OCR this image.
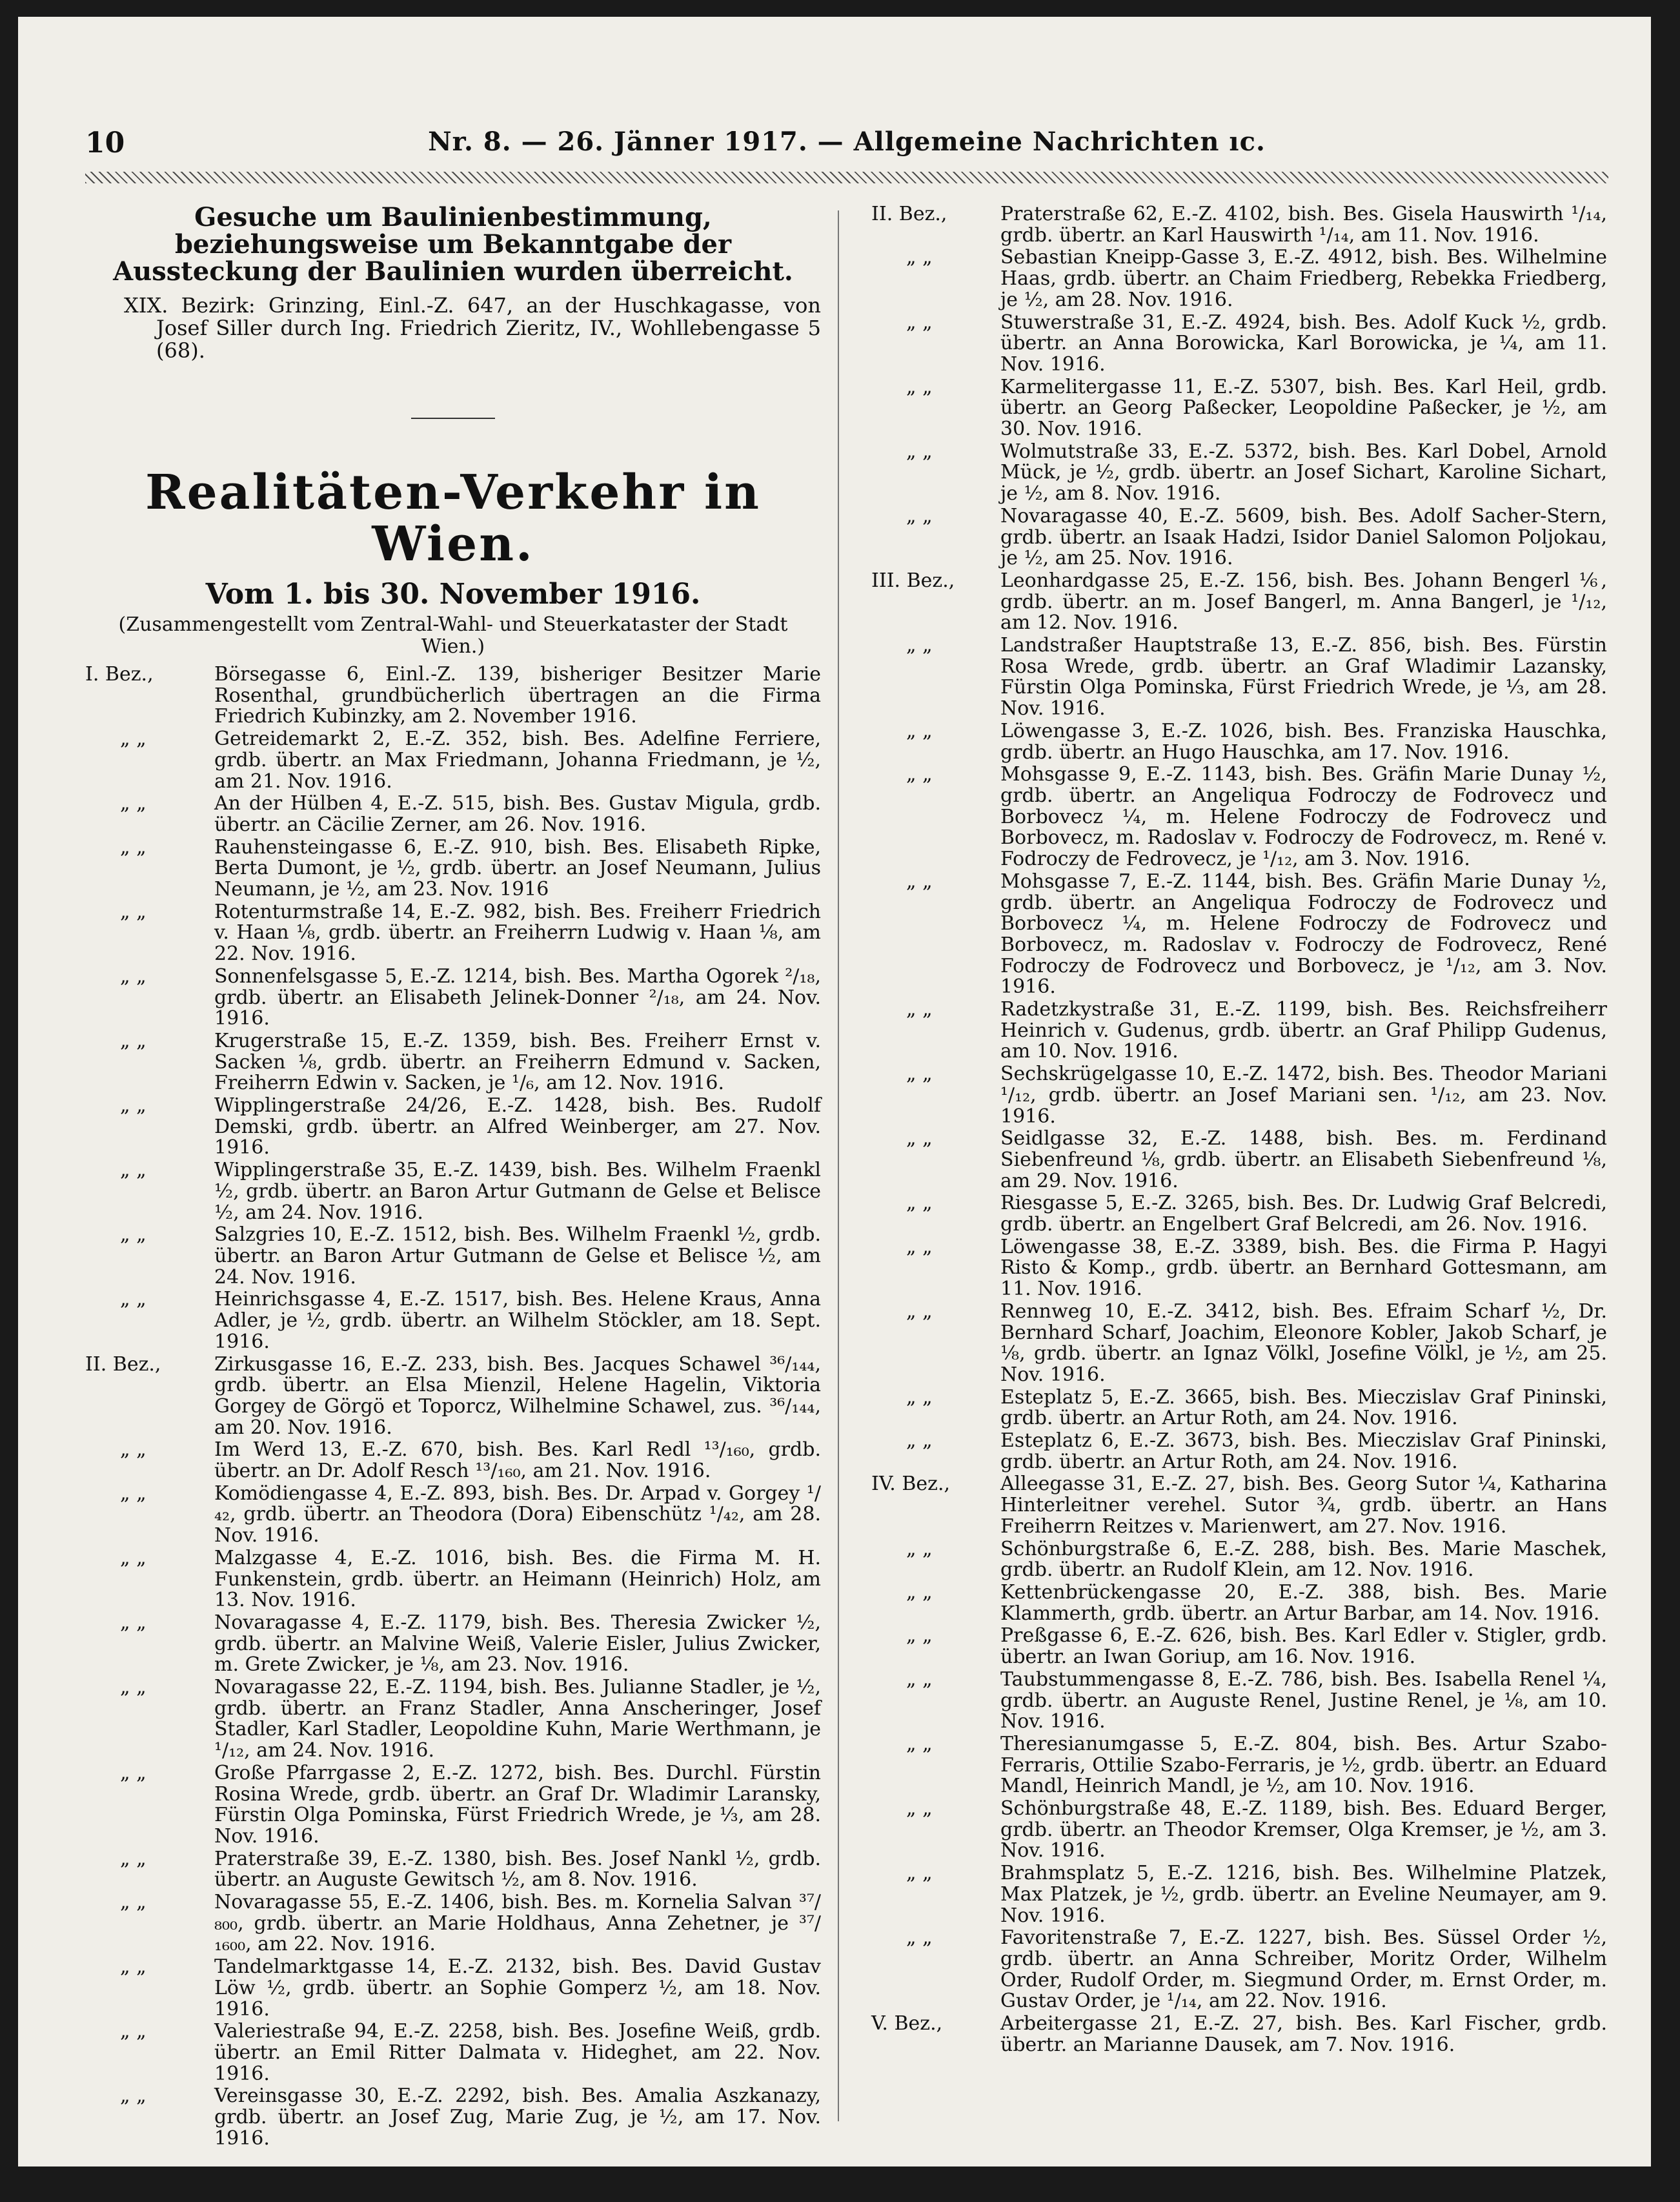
10	Nr. 8. — 26. Jänner 1917. — Allgemeine Nachrichten ıc.
Gesuche um Baulinienbestimmung, beziehungsweise um Bekanntgabe der Aussteckung der Baulinien wurden überreicht.
XIX. Bezirk: Grinzing, Einl.-Z. 647, an der Huschkagasse, von Josef Siller durch Ing. Friedrich Zieritz, IV., Wohllebengasse 5 (68).
Realitäten-Verkehr in Wien.
Vom 1. bis 30. November 1916.
(Zusammengestellt vom Zentral-Wahl- und Steuerkataster der Stadt Wien.)
I. Bez.,	Börsegasse 6, Einl.-Z. 139, bisheriger Besitzer Marie Rosenthal, grundbücherlich übertragen an die Firma Friedrich Kubinzky, am 2. November 1916.
„ „	Getreidemarkt 2, E.-Z. 352, bish. Bes. Adelfine Ferriere, grdb. übertr. an Max Friedmann, Johanna Friedmann, je ½, am 21. Nov. 1916.
„ „	An der Hülben 4, E.-Z. 515, bish. Bes. Gustav Migula, grdb. übertr. an Cäcilie Zerner, am 26. Nov. 1916.
„ „	Rauhensteingasse 6, E.-Z. 910, bish. Bes. Elisabeth Ripke, Berta Dumont, je ½, grdb. übertr. an Josef Neumann, Julius Neumann, je ½, am 23. Nov. 1916
„ „	Rotenturmstraße 14, E.-Z. 982, bish. Bes. Freiherr Friedrich v. Haan ⅛, grdb. übertr. an Freiherrn Ludwig v. Haan ⅛, am 22. Nov. 1916.
„ „	Sonnenfelsgasse 5, E.-Z. 1214, bish. Bes. Martha Ogorek ²/₁₈, grdb. übertr. an Elisabeth Jelinek-Donner ²/₁₈, am 24. Nov. 1916.
„ „	Krugerstraße 15, E.-Z. 1359, bish. Bes. Freiherr Ernst v. Sacken ⅛, grdb. übertr. an Freiherrn Edmund v. Sacken, Freiherrn Edwin v. Sacken, je ¹/₆, am 12. Nov. 1916.
„ „	Wipplingerstraße 24/26, E.-Z. 1428, bish. Bes. Rudolf Demski, grdb. übertr. an Alfred Weinberger, am 27. Nov. 1916.
„ „	Wipplingerstraße 35, E.-Z. 1439, bish. Bes. Wilhelm Fraenkl ½, grdb. übertr. an Baron Artur Gutmann de Gelse et Belisce ½, am 24. Nov. 1916.
„ „	Salzgries 10, E.-Z. 1512, bish. Bes. Wilhelm Fraenkl ½, grdb. übertr. an Baron Artur Gutmann de Gelse et Belisce ½, am 24. Nov. 1916.
„ „	Heinrichsgasse 4, E.-Z. 1517, bish. Bes. Helene Kraus, Anna Adler, je ½, grdb. übertr. an Wilhelm Stöckler, am 18. Sept. 1916.
II. Bez.,	Zirkusgasse 16, E.-Z. 233, bish. Bes. Jacques Schawel ³⁶/₁₄₄, grdb. übertr. an Elsa Mienzil, Helene Hagelin, Viktoria Gorgey de Görgö et Toporcz, Wilhelmine Schawel, zus. ³⁶/₁₄₄, am 20. Nov. 1916.
„ „	Im Werd 13, E.-Z. 670, bish. Bes. Karl Redl ¹³/₁₆₀, grdb. übertr. an Dr. Adolf Resch ¹³/₁₆₀, am 21. Nov. 1916.
„ „	Komödiengasse 4, E.-Z. 893, bish. Bes. Dr. Arpad v. Gorgey ¹/₄₂, grdb. übertr. an Theodora (Dora) Eibenschütz ¹/₄₂, am 28. Nov. 1916.
„ „	Malzgasse 4, E.-Z. 1016, bish. Bes. die Firma M. H. Funkenstein, grdb. übertr. an Heimann (Heinrich) Holz, am 13. Nov. 1916.
„ „	Novaragasse 4, E.-Z. 1179, bish. Bes. Theresia Zwicker ½, grdb. übertr. an Malvine Weiß, Valerie Eisler, Julius Zwicker, m. Grete Zwicker, je ⅛, am 23. Nov. 1916.
„ „	Novaragasse 22, E.-Z. 1194, bish. Bes. Julianne Stadler, je ½, grdb. übertr. an Franz Stadler, Anna Anscheringer, Josef Stadler, Karl Stadler, Leopoldine Kuhn, Marie Werthmann, je ¹/₁₂, am 24. Nov. 1916.
„ „	Große Pfarrgasse 2, E.-Z. 1272, bish. Bes. Durchl. Fürstin Rosina Wrede, grdb. übertr. an Graf Dr. Wladimir Laransky, Fürstin Olga Pominska, Fürst Friedrich Wrede, je ⅓, am 28. Nov. 1916.
„ „	Praterstraße 39, E.-Z. 1380, bish. Bes. Josef Nankl ½, grdb. übertr. an Auguste Gewitsch ½, am 8. Nov. 1916.
„ „	Novaragasse 55, E.-Z. 1406, bish. Bes. m. Kornelia Salvan ³⁷/₈₀₀, grdb. übertr. an Marie Holdhaus, Anna Zehetner, je ³⁷/₁₆₀₀, am 22. Nov. 1916.
„ „	Tandelmarktgasse 14, E.-Z. 2132, bish. Bes. David Gustav Löw ½, grdb. übertr. an Sophie Gomperz ½, am 18. Nov. 1916.
„ „	Valeriestraße 94, E.-Z. 2258, bish. Bes. Josefine Weiß, grdb. übertr. an Emil Ritter Dalmata v. Hideghet, am 22. Nov. 1916.
„ „	Vereinsgasse 30, E.-Z. 2292, bish. Bes. Amalia Aszkanazy, grdb. übertr. an Josef Zug, Marie Zug, je ½, am 17. Nov. 1916.
II. Bez.,	Praterstraße 62, E.-Z. 4102, bish. Bes. Gisela Hauswirth ¹/₁₄, grdb. übertr. an Karl Hauswirth ¹/₁₄, am 11. Nov. 1916.
„ „	Sebastian Kneipp-Gasse 3, E.-Z. 4912, bish. Bes. Wilhelmine Haas, grdb. übertr. an Chaim Friedberg, Rebekka Friedberg, je ½, am 28. Nov. 1916.
„ „	Stuwerstraße 31, E.-Z. 4924, bish. Bes. Adolf Kuck ½, grdb. übertr. an Anna Borowicka, Karl Borowicka, je ¼, am 11. Nov. 1916.
„ „	Karmelitergasse 11, E.-Z. 5307, bish. Bes. Karl Heil, grdb. übertr. an Georg Paßecker, Leopoldine Paßecker, je ½, am 30. Nov. 1916.
„ „	Wolmutstraße 33, E.-Z. 5372, bish. Bes. Karl Dobel, Arnold Mück, je ½, grdb. übertr. an Josef Sichart, Karoline Sichart, je ½, am 8. Nov. 1916.
„ „	Novaragasse 40, E.-Z. 5609, bish. Bes. Adolf Sacher-Stern, grdb. übertr. an Isaak Hadzi, Isidor Daniel Salomon Poljokau, je ½, am 25. Nov. 1916.
III. Bez.,	Leonhardgasse 25, E.-Z. 156, bish. Bes. Johann Bengerl ⅙, grdb. übertr. an m. Josef Bangerl, m. Anna Bangerl, je ¹/₁₂, am 12. Nov. 1916.
„ „	Landstraßer Hauptstraße 13, E.-Z. 856, bish. Bes. Fürstin Rosa Wrede, grdb. übertr. an Graf Wladimir Lazansky, Fürstin Olga Pominska, Fürst Friedrich Wrede, je ⅓, am 28. Nov. 1916.
„ „	Löwengasse 3, E.-Z. 1026, bish. Bes. Franziska Hauschka, grdb. übertr. an Hugo Hauschka, am 17. Nov. 1916.
„ „	Mohsgasse 9, E.-Z. 1143, bish. Bes. Gräfin Marie Dunay ½, grdb. übertr. an Angeliqua Fodroczy de Fodrovecz und Borbovecz ¼, m. Helene Fodroczy de Fodrovecz und Borbovecz, m. Radoslav v. Fodroczy de Fodrovecz, m. René v. Fodroczy de Fedrovecz, je ¹/₁₂, am 3. Nov. 1916.
„ „	Mohsgasse 7, E.-Z. 1144, bish. Bes. Gräfin Marie Dunay ½, grdb. übertr. an Angeliqua Fodroczy de Fodrovecz und Borbovecz ¼, m. Helene Fodroczy de Fodrovecz und Borbovecz, m. Radoslav v. Fodroczy de Fodrovecz, René Fodroczy de Fodrovecz und Borbovecz, je ¹/₁₂, am 3. Nov. 1916.
„ „	Radetzkystraße 31, E.-Z. 1199, bish. Bes. Reichsfreiherr Heinrich v. Gudenus, grdb. übertr. an Graf Philipp Gudenus, am 10. Nov. 1916.
„ „	Sechskrügelgasse 10, E.-Z. 1472, bish. Bes. Theodor Mariani ¹/₁₂, grdb. übertr. an Josef Mariani sen. ¹/₁₂, am 23. Nov. 1916.
„ „	Seidlgasse 32, E.-Z. 1488, bish. Bes. m. Ferdinand Siebenfreund ⅛, grdb. übertr. an Elisabeth Siebenfreund ⅛, am 29. Nov. 1916.
„ „	Riesgasse 5, E.-Z. 3265, bish. Bes. Dr. Ludwig Graf Belcredi, grdb. übertr. an Engelbert Graf Belcredi, am 26. Nov. 1916.
„ „	Löwengasse 38, E.-Z. 3389, bish. Bes. die Firma P. Hagyi Risto & Komp., grdb. übertr. an Bernhard Gottesmann, am 11. Nov. 1916.
„ „	Rennweg 10, E.-Z. 3412, bish. Bes. Efraim Scharf ½, Dr. Bernhard Scharf, Joachim, Eleonore Kobler, Jakob Scharf, je ⅛, grdb. übertr. an Ignaz Völkl, Josefine Völkl, je ½, am 25. Nov. 1916.
„ „	Esteplatz 5, E.-Z. 3665, bish. Bes. Mieczislav Graf Pininski, grdb. übertr. an Artur Roth, am 24. Nov. 1916.
„ „	Esteplatz 6, E.-Z. 3673, bish. Bes. Mieczislav Graf Pininski, grdb. übertr. an Artur Roth, am 24. Nov. 1916.
IV. Bez.,	Alleegasse 31, E.-Z. 27, bish. Bes. Georg Sutor ¼, Katharina Hinterleitner verehel. Sutor ¾, grdb. übertr. an Hans Freiherrn Reitzes v. Marienwert, am 27. Nov. 1916.
„ „	Schönburgstraße 6, E.-Z. 288, bish. Bes. Marie Maschek, grdb. übertr. an Rudolf Klein, am 12. Nov. 1916.
„ „	Kettenbrückengasse 20, E.-Z. 388, bish. Bes. Marie Klammerth, grdb. übertr. an Artur Barbar, am 14. Nov. 1916.
„ „	Preßgasse 6, E.-Z. 626, bish. Bes. Karl Edler v. Stigler, grdb. übertr. an Iwan Goriup, am 16. Nov. 1916.
„ „	Taubstummengasse 8, E.-Z. 786, bish. Bes. Isabella Renel ¼, grdb. übertr. an Auguste Renel, Justine Renel, je ⅛, am 10. Nov. 1916.
„ „	Theresianumgasse 5, E.-Z. 804, bish. Bes. Artur Szabo-Ferraris, Ottilie Szabo-Ferraris, je ½, grdb. übertr. an Eduard Mandl, Heinrich Mandl, je ½, am 10. Nov. 1916.
„ „	Schönburgstraße 48, E.-Z. 1189, bish. Bes. Eduard Berger, grdb. übertr. an Theodor Kremser, Olga Kremser, je ½, am 3. Nov. 1916.
„ „	Brahmsplatz 5, E.-Z. 1216, bish. Bes. Wilhelmine Platzek, Max Platzek, je ½, grdb. übertr. an Eveline Neumayer, am 9. Nov. 1916.
„ „	Favoritenstraße 7, E.-Z. 1227, bish. Bes. Süssel Order ½, grdb. übertr. an Anna Schreiber, Moritz Order, Wilhelm Order, Rudolf Order, m. Siegmund Order, m. Ernst Order, m. Gustav Order, je ¹/₁₄, am 22. Nov. 1916.
V. Bez.,	Arbeitergasse 21, E.-Z. 27, bish. Bes. Karl Fischer, grdb. übertr. an Marianne Dausek, am 7. Nov. 1916.
